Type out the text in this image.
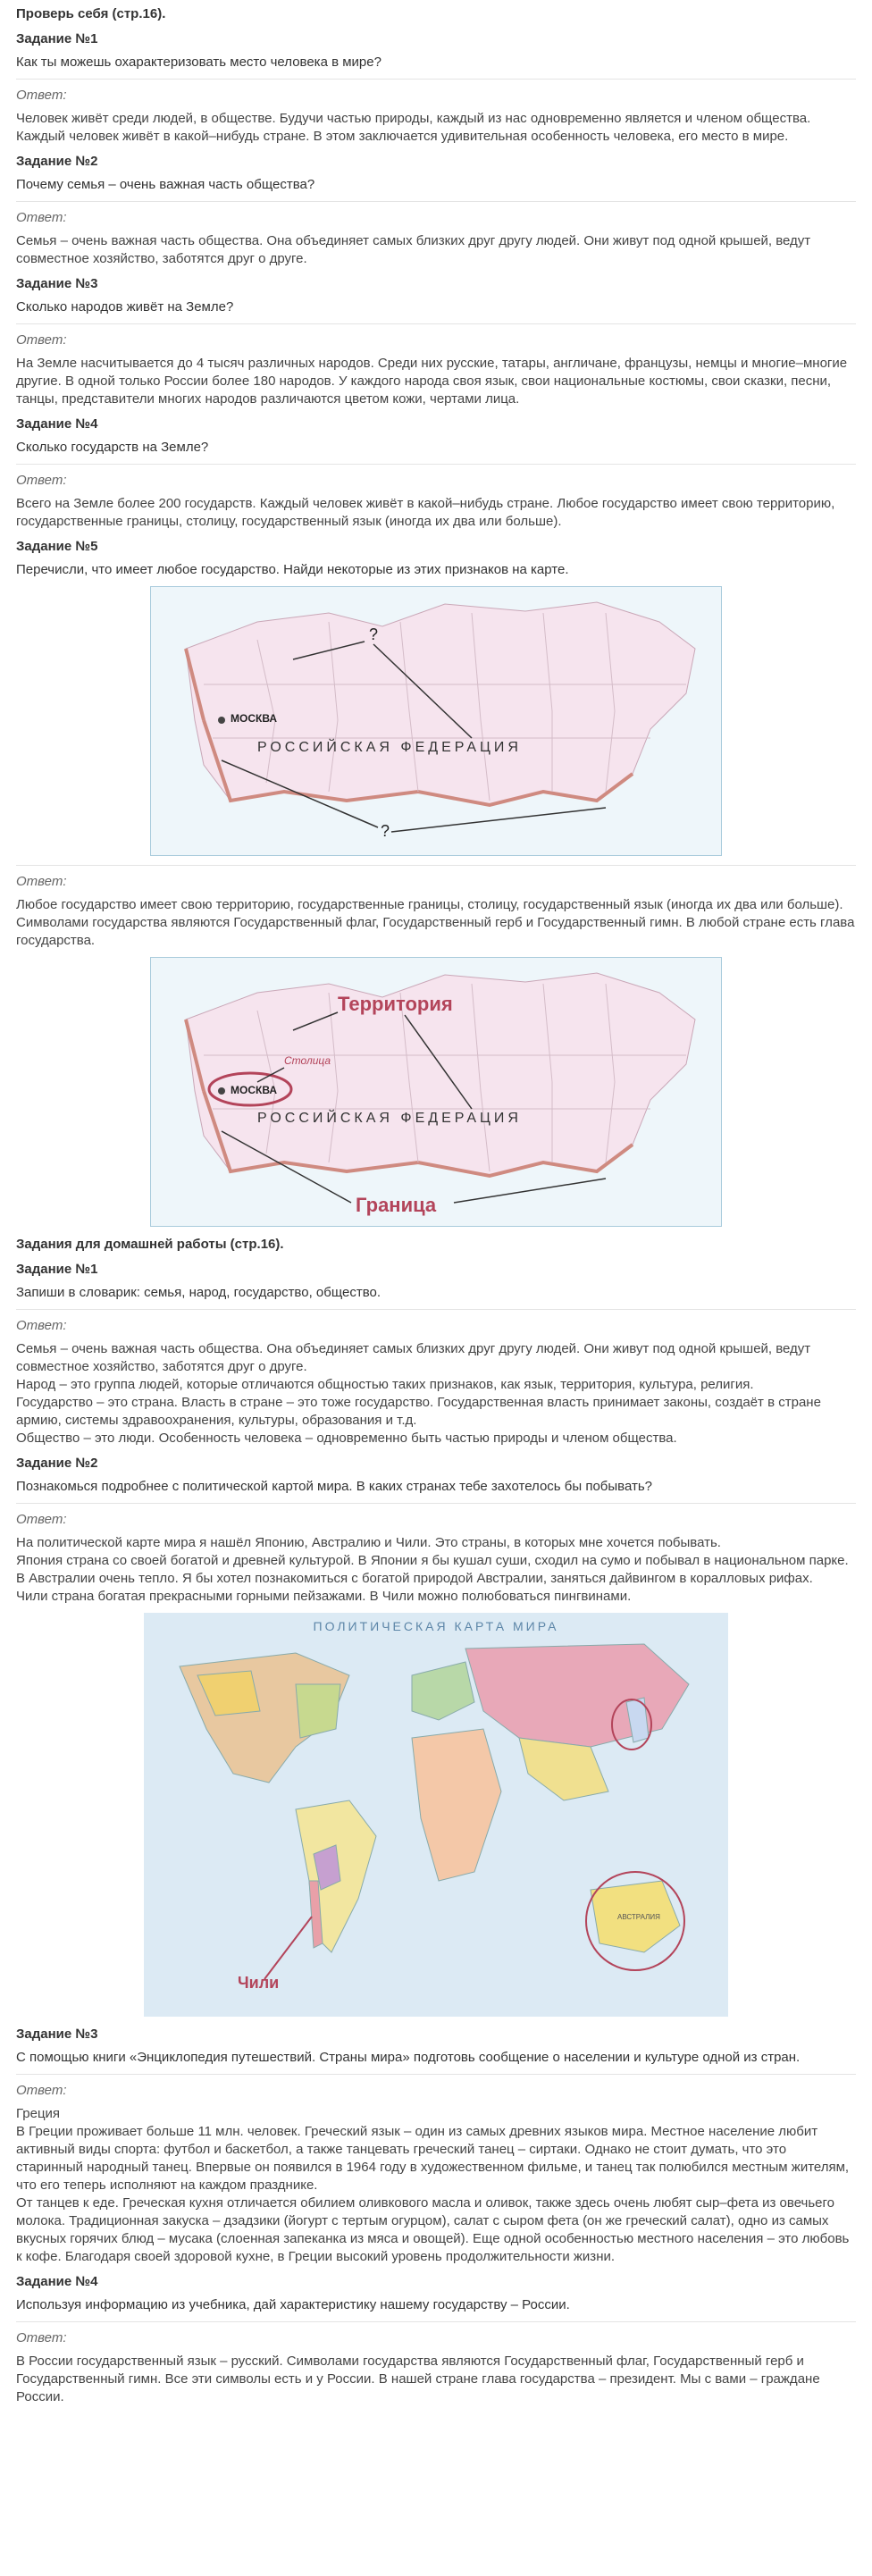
Проверь себя (стр.16).
Задание №1
Как ты можешь охарактеризовать место человека в мире?
Ответ:
Человек живёт среди людей, в обществе. Будучи частью природы, каждый из нас одновременно является и членом общества. Каждый человек живёт в какой–нибудь стране. В этом заключается удивительная особенность человека, его место в мире.
Задание №2
Почему семья – очень важная часть общества?
Ответ:
Семья – очень важная часть общества. Она объединяет самых близких друг другу людей. Они живут под одной крышей, ведут совместное хозяйство, заботятся друг о друге.
Задание №3
Сколько народов живёт на Земле?
Ответ:
На Земле насчитывается до 4 тысяч различных народов. Среди них русские, татары, англичане, французы, немцы и многие–многие другие. В одной только России более 180 народов. У каждого народа своя язык, свои национальные костюмы, свои сказки, песни, танцы, представители многих народов различаются цветом кожи, чертами лица.
Задание №4
Сколько государств на Земле?
Ответ:
Всего на Земле более 200 государств. Каждый человек живёт в какой–нибудь стране. Любое государство имеет свою территорию, государственные границы, столицу, государственный язык (иногда их два или больше).
Задание №5
Перечисли, что имеет любое государство. Найди некоторые из этих признаков на карте.
МОСКВА
РОССИЙСКАЯ ФЕДЕРАЦИЯ
?
?
Ответ:
Любое государство имеет свою территорию, государственные границы, столицу, государственный язык (иногда их два или больше). Символами государства являются Государственный флаг, Государственный герб и Государственный гимн. В любой стране есть глава государства.
МОСКВА
РОССИЙСКАЯ ФЕДЕРАЦИЯ
Территория
Столица
Граница
Задания для домашней работы (стр.16).
Задание №1
Запиши в словарик: семья, народ, государство, общество.
Ответ:

Семья – очень важная часть общества. Она объединяет самых близких друг другу людей. Они живут под одной крышей, ведут совместное хозяйство, заботятся друг о друге.

Народ – это группа людей, которые отличаются общностью таких признаков, как язык, территория, культура, религия.

Государство – это страна. Власть в стране – это тоже государство. Государственная власть принимает законы, создаёт в стране армию, системы здравоохранения, культуры, образования и т.д.

Общество – это люди. Особенность человека – одновременно быть частью природы и членом общества.

Задание №2
Познакомься подробнее с политической картой мира. В каких странах тебе захотелось бы побывать?
Ответ:

На политической карте мира я нашёл Японию, Австралию и Чили. Это страны, в которых мне хочется побывать.

Япония страна со своей богатой и древней культурой. В Японии я бы кушал суши, сходил на сумо и побывал в национальном парке.

В Австралии очень тепло. Я бы хотел познакомиться с богатой природой Австралии, заняться дайвингом в коралловых рифах.

Чили страна богатая прекрасными горными пейзажами. В Чили можно полюбоваться пингвинами.

ПОЛИТИЧЕСКАЯ КАРТА МИРА
АВСТРАЛИЯ
Чили
Задание №3
С помощью книги «Энциклопедия путешествий. Страны мира» подготовь сообщение о населении и культуре одной из стран.
Ответ:

Греция

В Греции проживает больше 11 млн. человек. Греческий язык – один из самых древних языков мира. Местное население любит активный виды спорта: футбол и баскетбол, а также танцевать греческий танец – сиртаки. Однако не стоит думать, что это старинный народный танец. Впервые он появился в 1964 году в художественном фильме, и танец так полюбился местным жителям, что его теперь исполняют на каждом празднике.

От танцев к еде. Греческая кухня отличается обилием оливкового масла и оливок, также здесь очень любят сыр–фета из овечьего молока. Традиционная закуска – дзадзики (йогурт с тертым огурцом), салат с сыром фета (он же греческий салат), одно из самых вкусных горячих блюд – мусака (слоенная запеканка из мяса и овощей). Еще одной особенностью местного населения – это любовь к кофе. Благодаря своей здоровой кухне, в Греции высокий уровень продолжительности жизни.

Задание №4
Используя информацию из учебника, дай характеристику нашему государству – России.
Ответ:
В России государственный язык – русский. Символами государства являются Государственный флаг, Государственный герб и Государственный гимн. Все эти символы есть и у России. В нашей стране глава государства – президент. Мы с вами – граждане России.
